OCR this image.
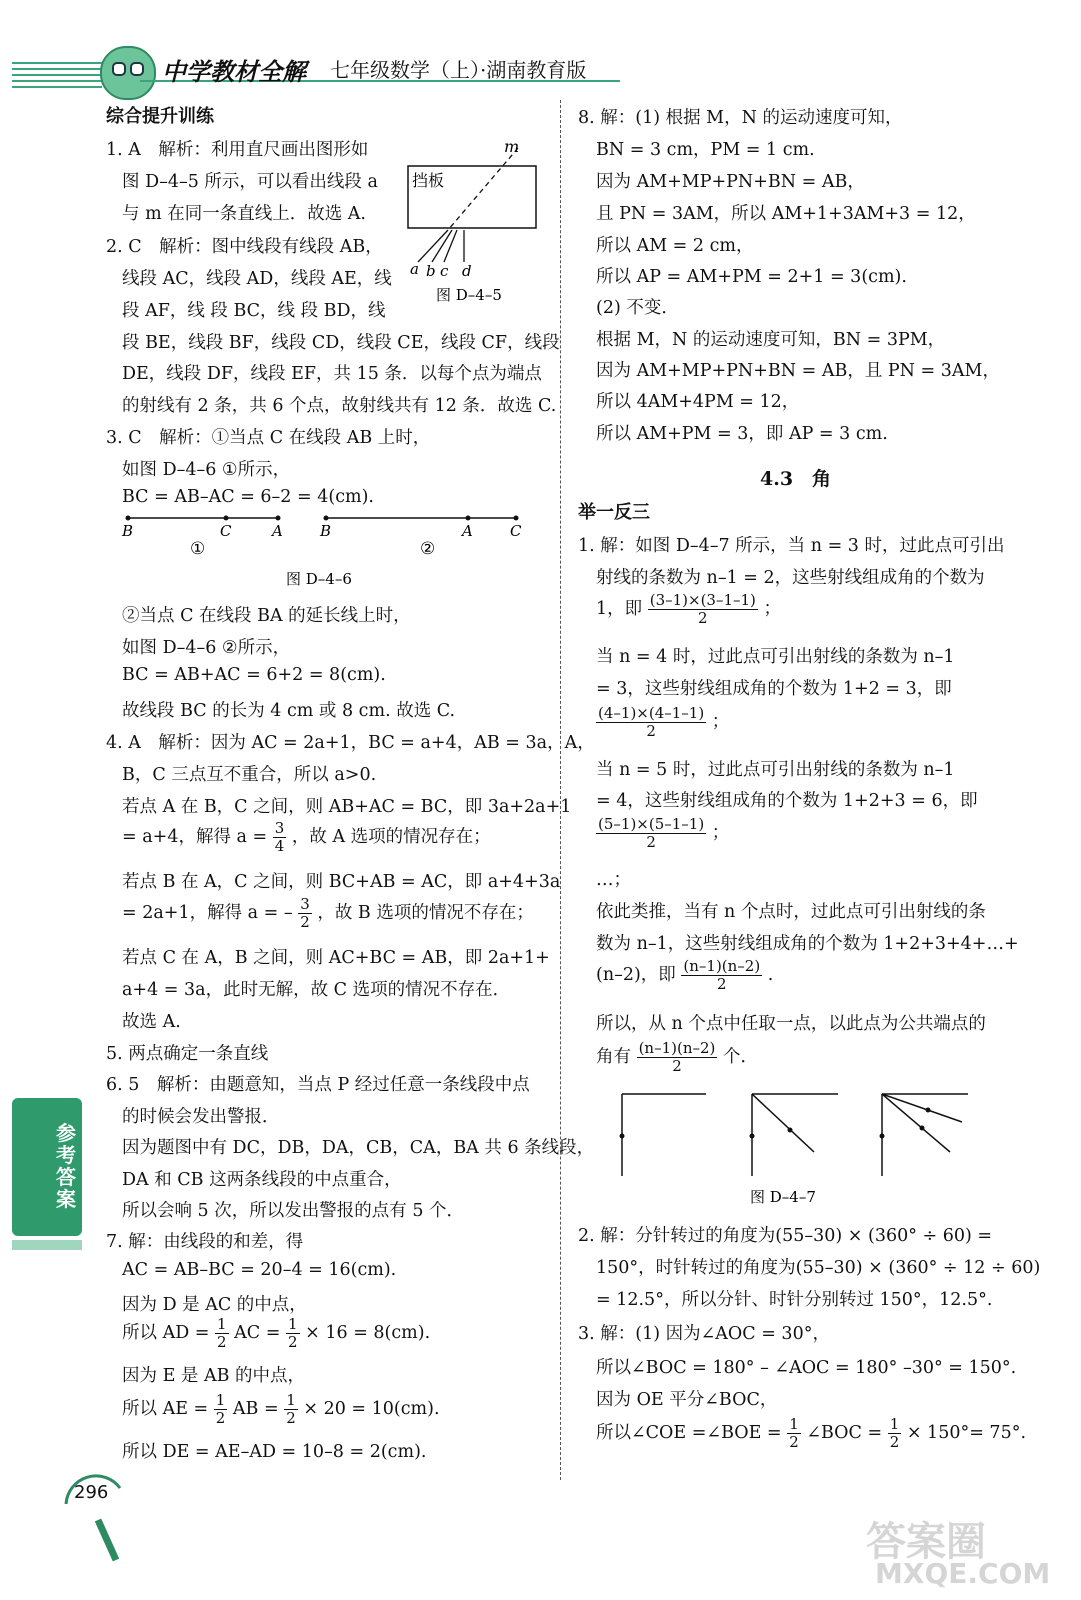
中学教材全解 七年级数学（上）·湖南教育版

综合提升训练

1. A　解析：利用直尺画出图形如

图 D–4–5 所示，可以看出线段 a

与 m 在同一条直线上．故选 A.

2. C　解析：图中线段有线段 AB，

线段 AC，线段 AD，线段 AE，线

段 AF，线 段 BC，线 段 BD，线

段 BE，线段 BF，线段 CD，线段 CE，线段 CF，线段

DE，线段 DF，线段 EF，共 15 条．以每个点为端点

的射线有 2 条，共 6 个点，故射线共有 12 条．故选 C.

挡板
m
a b c d
图 D–4–5

3. C　解析：①当点 C 在线段 AB 上时，

如图 D–4–6 ①所示，

BC = AB–AC = 6–2 = 4(cm).

B	C	A
①
B	A C
②
图 D–4–6

②当点 C 在线段 BA 的延长线上时，

如图 D–4–6 ②所示，

BC = AB+AC = 6+2 = 8(cm).

故线段 BC 的长为 4 cm 或 8 cm. 故选 C.

4. A　解析：因为 AC = 2a+1，BC = a+4，AB = 3a，A，

B，C 三点互不重合，所以 a>0.

若点 A 在 B，C 之间，则 AB+AC = BC，即 3a+2a+1

= a+4，解得 $a = \frac{3}{4}$ ，故 A 选项的情况存在；

若点 B 在 A，C 之间，则 BC+AB = AC，即 a+4+3a

= 2a+1，解得 a = – $\frac{3}{2}$ ，故 B 选项的情况不存在；

若点 C 在 A，B 之间，则 AC+BC = AB，即 2a+1+

a+4 = 3a，此时无解，故 C 选项的情况不存在．

故选 A.

5. 两点确定一条直线

6. 5　解析：由题意知，当点 P 经过任意一条线段中点

的时候会发出警报．

因为题图中有 DC，DB，DA，CB，CA，BA 共 6 条线段，

DA 和 CB 这两条线段的中点重合，

所以会响 5 次，所以发出警报的点有 5 个．

7. 解：由线段的和差，得

AC = AB–BC = 20–4 = 16(cm).

因为 D 是 AC 的中点，

所以 AD = $\frac{1}{2}$ AC = $\frac{1}{2} \times 16 = 8(cm)$.

因为 E 是 AB 的中点，

所以 AE = $\frac{1}{2}$ AB = $\frac{1}{2} \times 20 = 10(cm)$.

所以 DE = AE–AD = 10–8 = 2(cm).

8. 解：(1) 根据 M，N 的运动速度可知，

BN = 3 cm，PM = 1 cm.

因为 AM+MP+PN+BN = AB，

且 PN = 3AM，所以 AM+1+3AM+3 = 12，

所以 AM = 2 cm，

所以 AP = AM+PM = 2+1 = 3(cm).

(2) 不变．

根据 M，N 的运动速度可知，BN = 3PM，

因为 AM+MP+PN+BN = AB，且 PN = 3AM，

所以 4AM+4PM = 12，

所以 AM+PM = 3，即 AP = 3 cm.

4.3　角

举一反三

1. 解：如图 D–4–7 所示，当 n = 3 时，过此点可引出

射线的条数为 n–1 = 2，这些射线组成角的个数为

1，即 $\frac{(3-1)\times(3-1-1)}{2}$ ；

当 n = 4 时，过此点可引出射线的条数为 n–1

= 3，这些射线组成角的个数为 1+2 = 3，即

$\frac{(4-1)\times(4-1-1)}{2}$ ；

当 n = 5 时，过此点可引出射线的条数为 n–1

= 4，这些射线组成角的个数为 1+2+3 = 6，即

$\frac{(5-1)\times(5-1-1)}{2}$ ；

…；

依此类推，当有 n 个点时，过此点可引出射线的条

数为 n–1，这些射线组成角的个数为 1+2+3+4+…+

(n–2)，即 $\frac{(n-1)(n-2)}{2}$ .

所以，从 n 个点中任取一点，以此点为公共端点的

角有 $\frac{(n-1)(n-2)}{2}$ 个．

图 D–4–7

2. 解：分针转过的角度为(55–30) × (360° ÷ 60) =

150°，时针转过的角度为(55–30) × (360° ÷ 12 ÷ 60)

= 12.5°，所以分针、时针分别转过 150°，12.5°.

3. 解：(1) 因为∠AOC = 30°，

所以∠BOC = 180° – ∠AOC = 180° –30° = 150°.

因为 OE 平分∠BOC，

所以∠COE =∠BOE = $\frac{1}{2}$ ∠BOC = $\frac{1}{2} \times 150^\circ= 75^\circ$.

参考答案
296
答案圈
MXQE.COM
